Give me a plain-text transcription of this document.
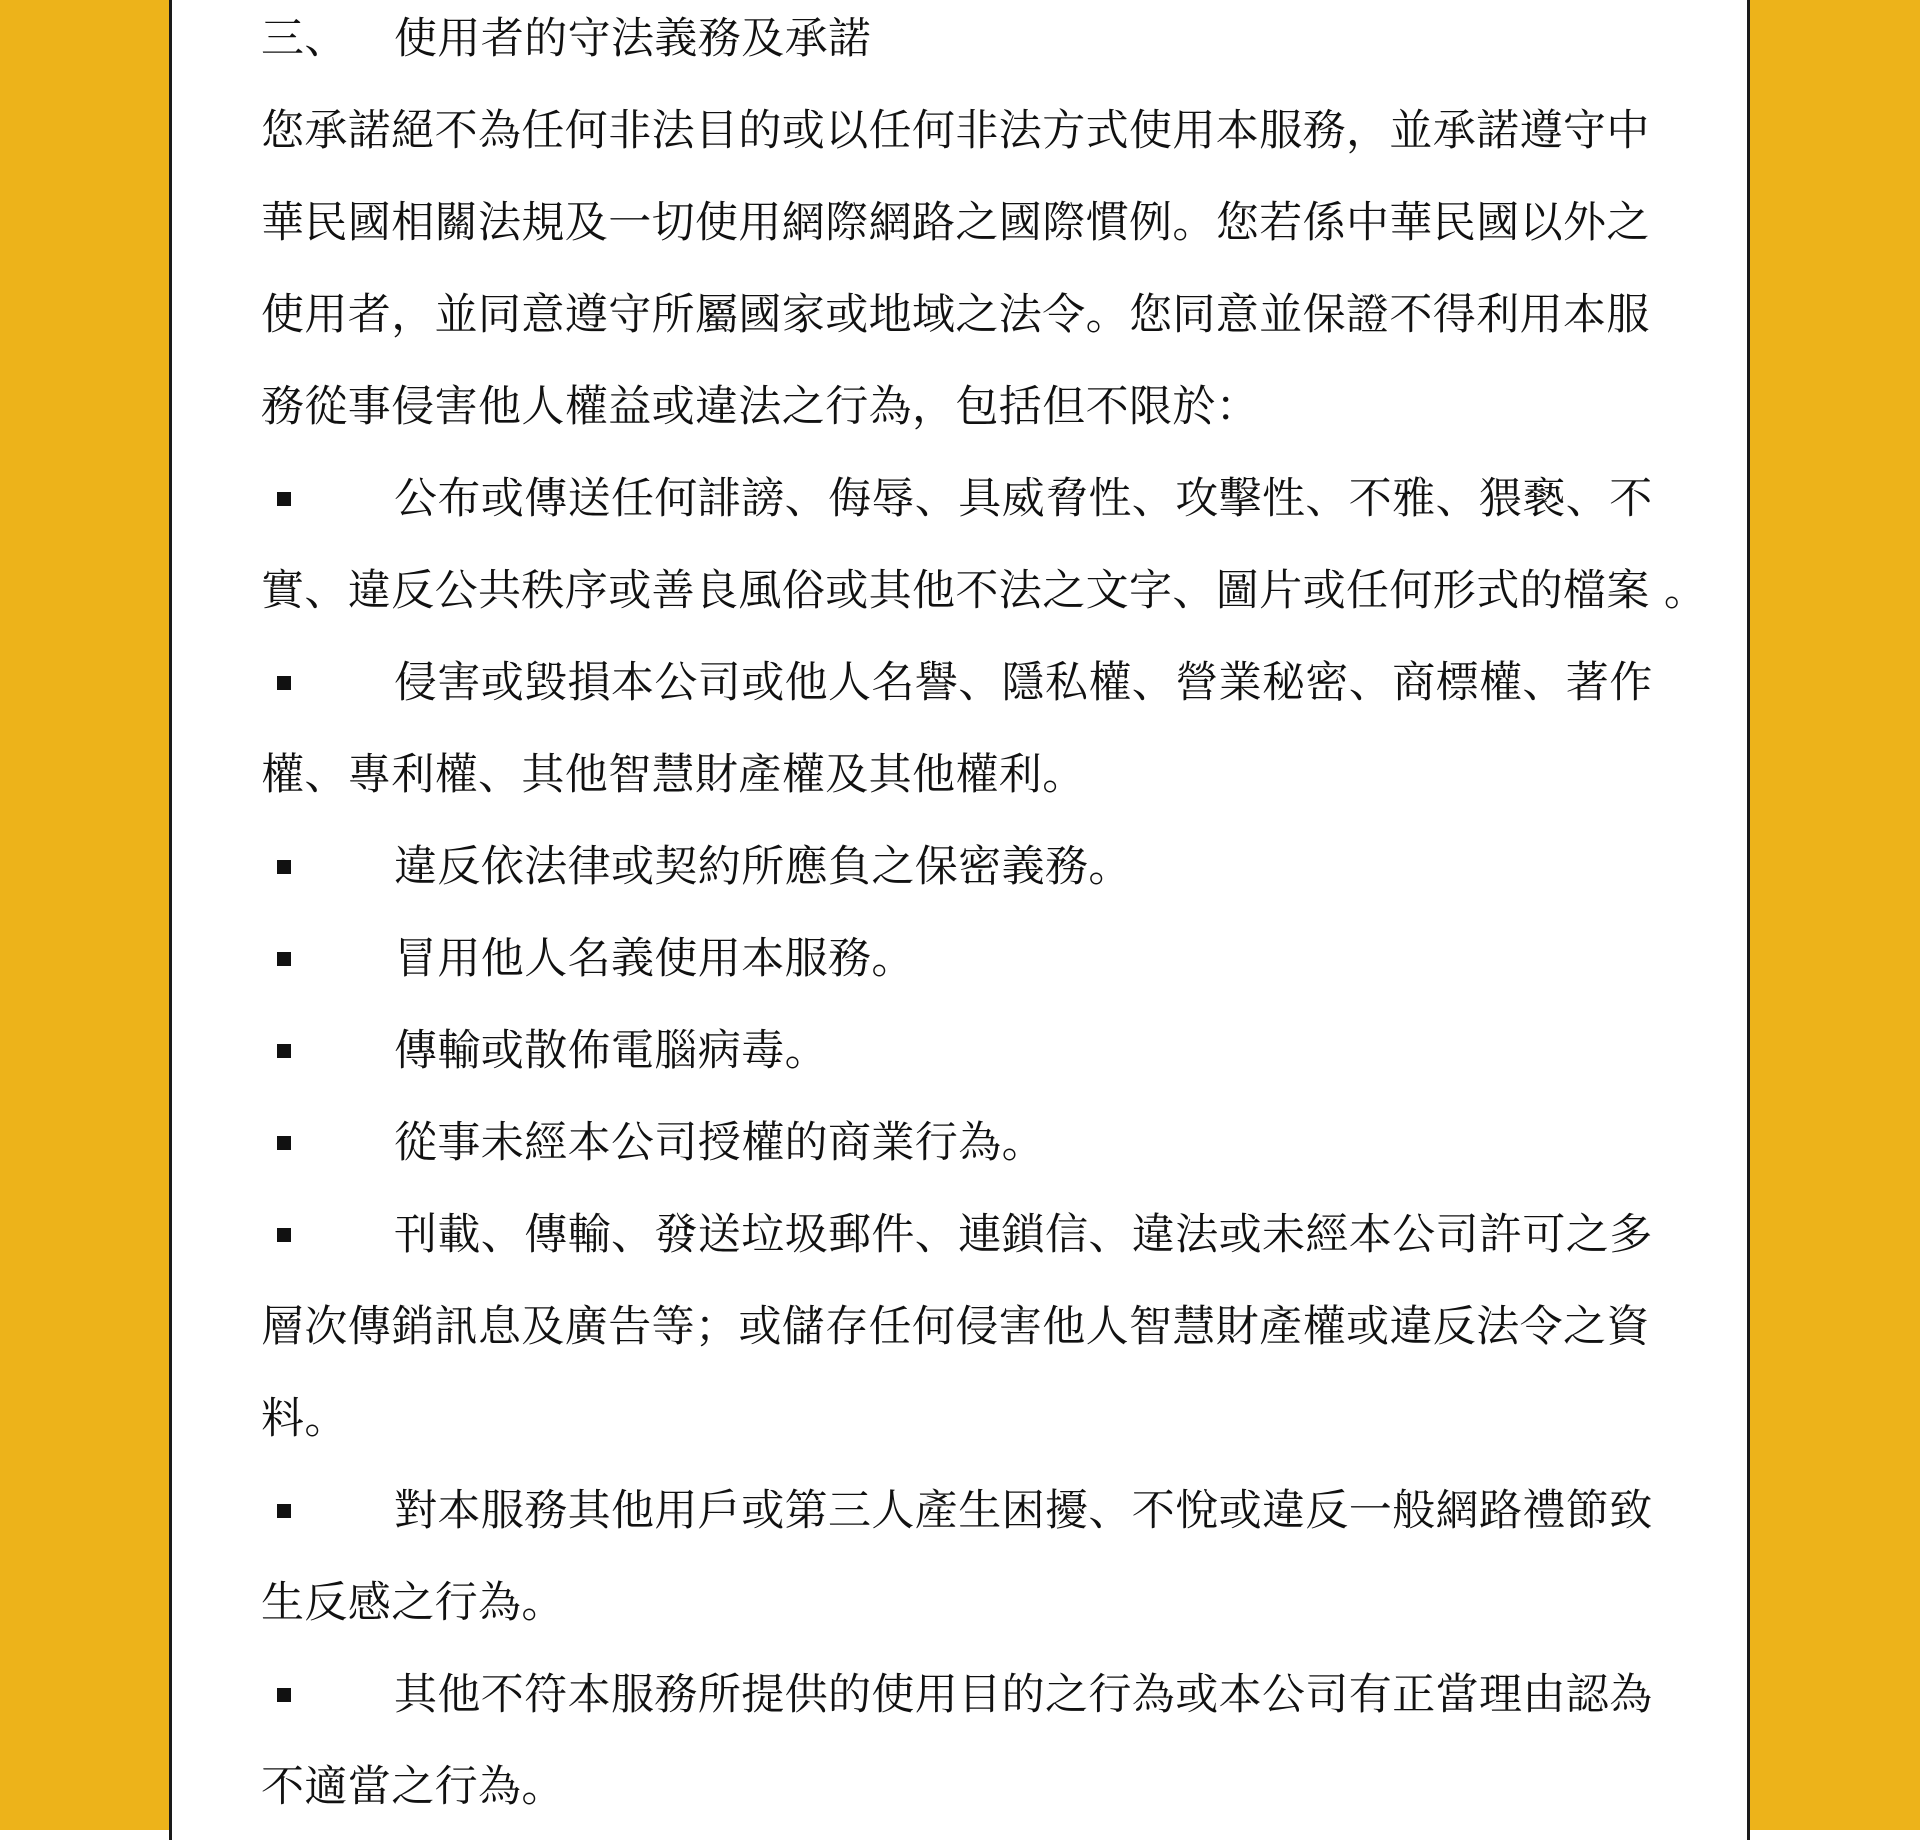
三、 使用者的守法義務及承諾
您承諾絕不為任何非法目的或以任何非法方式使用本服務，並承諾遵守中
華民國相關法規及一切使用網際網路之國際慣例。您若係中華民國以外之
使用者，並同意遵守所屬國家或地域之法令。您同意並保證不得利用本服
務從事侵害他人權益或違法之行為，包括但不限於：
公布或傳送任何誹謗、侮辱、具威脅性、攻擊性、不雅、猥褻、不
實、違反公共秩序或善良風俗或其他不法之文字、圖片或任何形式的檔案 。
侵害或毀損本公司或他人名譽、隱私權、營業秘密、商標權、著作
權、專利權、其他智慧財產權及其他權利。
違反依法律或契約所應負之保密義務。
冒用他人名義使用本服務。
傳輸或散佈電腦病毒。
從事未經本公司授權的商業行為。
刊載、傳輸、發送垃圾郵件、連鎖信、違法或未經本公司許可之多
層次傳銷訊息及廣告等；或儲存任何侵害他人智慧財產權或違反法令之資
料。
對本服務其他用戶或第三人產生困擾、不悅或違反一般網路禮節致
生反感之行為。
其他不符本服務所提供的使用目的之行為或本公司有正當理由認為
不適當之行為。
